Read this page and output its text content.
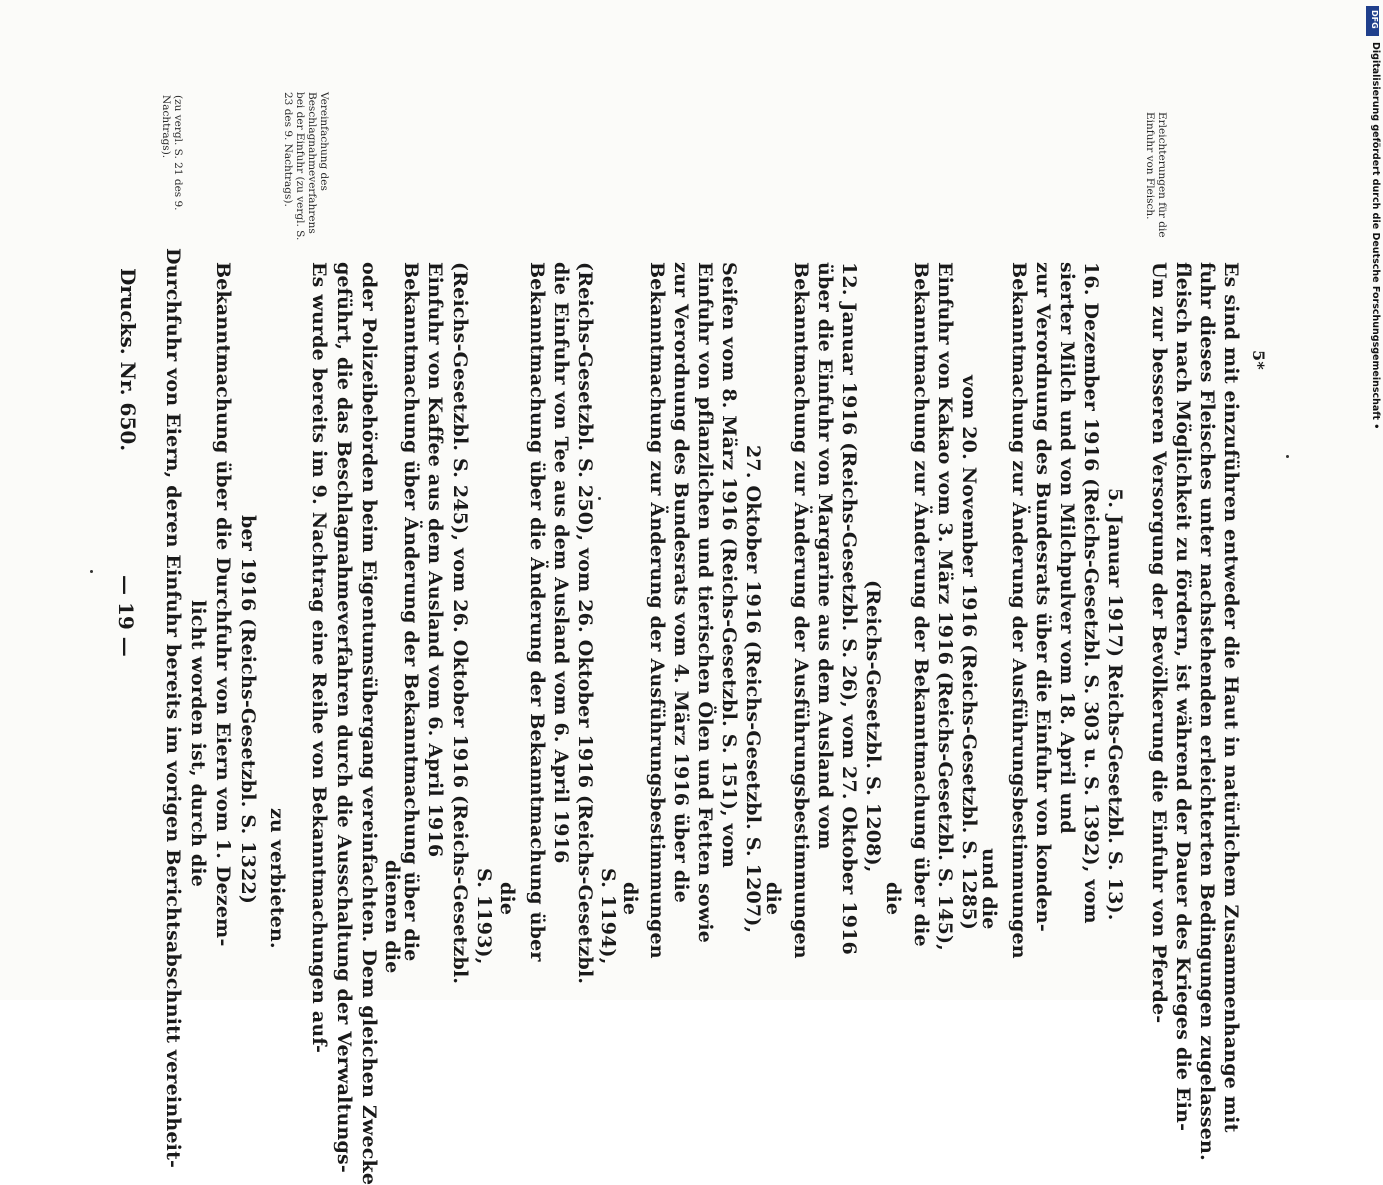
— 19 —
Drucks. Nr. 650. Durchfuhr von Eiern, deren Einfuhr bereits im vorigen Berichtsabschnitt vereinheit- licht worden ist, durch die Bekanntmachung über die Durchfuhr von Eiern vom 1. Dezem- ber 1916 (Reichs-Gesetzbl. S. 1322) zu verbieten. Es wurde bereits im 9. Nachtrag eine Reihe von Bekanntmachungen auf- geführt, die das Beschlagnahmeverfahren durch die Ausschaltung der Verwaltungs- oder Polizeibehörden beim Eigentumsübergang vereinfachten. Dem gleichen Zwecke dienen die
Bekanntmachung über Änderung der Bekanntmachung über die Einfuhr von Kaffee aus dem Ausland vom 6. April 1916 (Reichs-Gesetzbl. S. 245), vom 26. Oktober 1916 (Reichs-Gesetzbl. S. 1193), die Bekanntmachung über die Änderung der Bekanntmachung über die Einfuhr von Tee aus dem Ausland vom 6. April 1916 (Reichs-Gesetzbl. S. 250), vom 26. Oktober 1916 (Reichs-Gesetzbl. S. 1194), die Bekanntmachung zur Änderung der Ausführungsbestimmungen zur Verordnung des Bundesrats vom 4. März 1916 über die Einfuhr von pflanzlichen und tierischen Ölen und Fetten sowie Seifen vom 8. März 1916 (Reichs-Gesetzbl. S. 151), vom 27. Oktober 1916 (Reichs-Gesetzbl. S. 1207),
die Bekanntmachung zur Änderung der Ausführungsbestimmungen über die Einfuhr von Margarine aus dem Ausland vom 12. Januar 1916 (Reichs-Gesetzbl. S. 26), vom 27. Oktober 1916 (Reichs-Gesetzbl. S. 1208),
die Bekanntmachung zur Änderung der Bekanntmachung über die Einfuhr von Kakao vom 3. März 1916 (Reichs-Gesetzbl. S. 145), vom 20. November 1916 (Reichs-Gesetzbl. S. 1285)
und die Bekanntmachung zur Änderung der Ausführungsbestimmungen zur Verordnung des Bundesrats über die Einfuhr von konden- sierter Milch und von Milchpulver vom 18. April und 16. Dezember 1916 (Reichs-Gesetzbl. S. 303 u. S. 1392), vom 5. Januar 1917) Reichs-Gesetzbl. S. 13). Um zur besseren Versorgung der Bevölkerung die Einfuhr von Pferde- fleisch nach Möglichkeit zu fördern, ist während der Dauer des Krieges die Ein- fuhr dieses Fleisches unter nachstehenden erleichterten Bedingungen zugelassen. Es sind mit einzuführen entweder die Haut in natürlichem Zusammenhange mit 5*
(zu vergl. S. 21 des 9. Nachtrags).	Vereinfachung des Beschlagnahmeverfahrens bei der Einfuhr (zu vergl. S. 23 des 9. Nachtrags).	Erleichterungen für die Einfuhr von Fleisch.	Digitalisierung gefördert durch die Deutsche Forschungsgemeinschaft •
DFG
